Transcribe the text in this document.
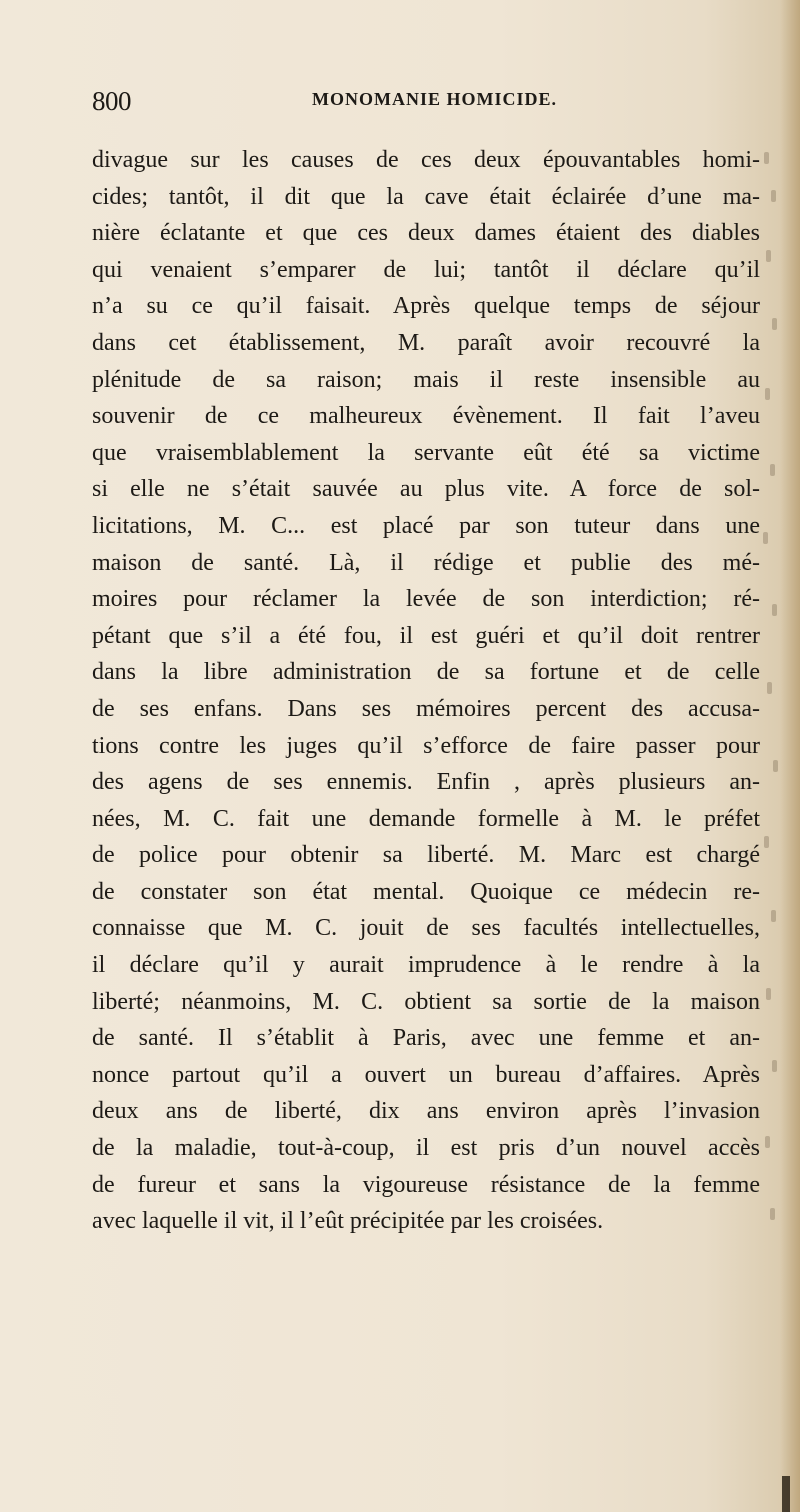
800	MONOMANIE HOMICIDE.
divague sur les causes de ces deux épouvantables homi-
cides; tantôt, il dit que la cave était éclairée d’une ma-
nière éclatante et que ces deux dames étaient des diables
qui venaient s’emparer de lui; tantôt il déclare qu’il
n’a su ce qu’il faisait. Après quelque temps de séjour
dans cet établissement, M. paraît avoir recouvré la
plénitude de sa raison; mais il reste insensible au
souvenir de ce malheureux évènement. Il fait l’aveu
que vraisemblablement la servante eût été sa victime
si elle ne s’était sauvée au plus vite. A force de sol-
licitations, M. C... est placé par son tuteur dans une
maison de santé. Là, il rédige et publie des mé-
moires pour réclamer la levée de son interdiction; ré-
pétant que s’il a été fou, il est guéri et qu’il doit rentrer
dans la libre administration de sa fortune et de celle
de ses enfans. Dans ses mémoires percent des accusa-
tions contre les juges qu’il s’efforce de faire passer pour
des agens de ses ennemis. Enfin , après plusieurs an-
nées, M. C. fait une demande formelle à M. le préfet
de police pour obtenir sa liberté. M. Marc est chargé
de constater son état mental. Quoique ce médecin re-
connaisse que M. C. jouit de ses facultés intellectuelles,
il déclare qu’il y aurait imprudence à le rendre à la
liberté; néanmoins, M. C. obtient sa sortie de la maison
de santé. Il s’établit à Paris, avec une femme et an-
nonce partout qu’il a ouvert un bureau d’affaires. Après
deux ans de liberté, dix ans environ après l’invasion
de la maladie, tout-à-coup, il est pris d’un nouvel accès
de fureur et sans la vigoureuse résistance de la femme
avec laquelle il vit, il l’eût précipitée par les croisées.
